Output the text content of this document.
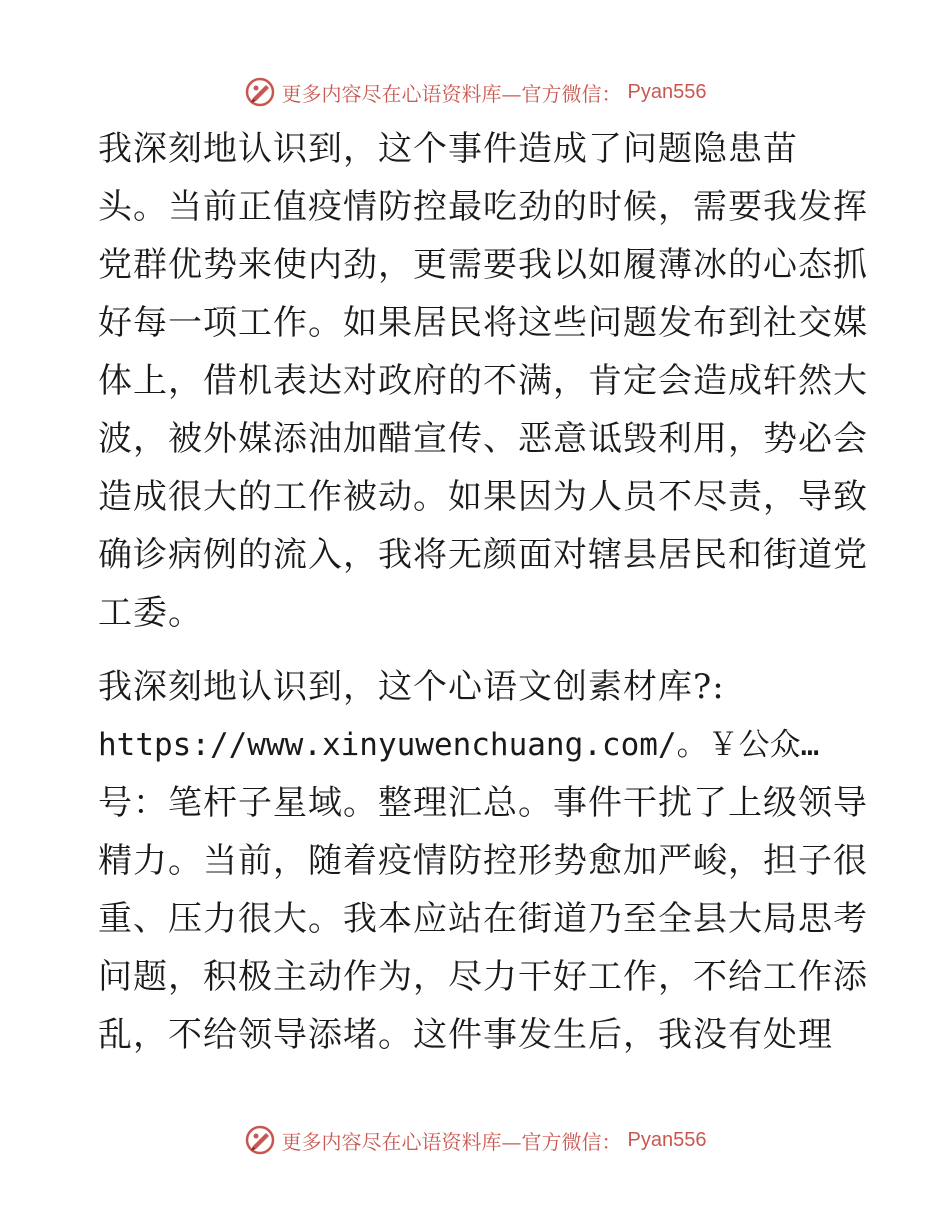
更多内容尽在心语资料库—官方微信： Pyan556
我深刻地认识到，这个事件造成了问题隐患苗
头。当前正值疫情防控最吃劲的时候，需要我发挥
党群优势来使内劲，更需要我以如履薄冰的心态抓
好每一项工作。如果居民将这些问题发布到社交媒
体上，借机表达对政府的不满，肯定会造成轩然大
波，被外媒添油加醋宣传、恶意诋毁利用，势必会
造成很大的工作被动。如果因为人员不尽责，导致
确诊病例的流入，我将无颜面对辖县居民和街道党
工委。
我深刻地认识到，这个心语文创素材库?:
https://www.xinyuwenchuang.com/。￥公众…
号：笔杆子星域。整理汇总。事件干扰了上级领导
精力。当前，随着疫情防控形势愈加严峻，担子很
重、压力很大。我本应站在街道乃至全县大局思考
问题，积极主动作为，尽力干好工作，不给工作添
乱，不给领导添堵。这件事发生后，我没有处理
更多内容尽在心语资料库—官方微信： Pyan556
